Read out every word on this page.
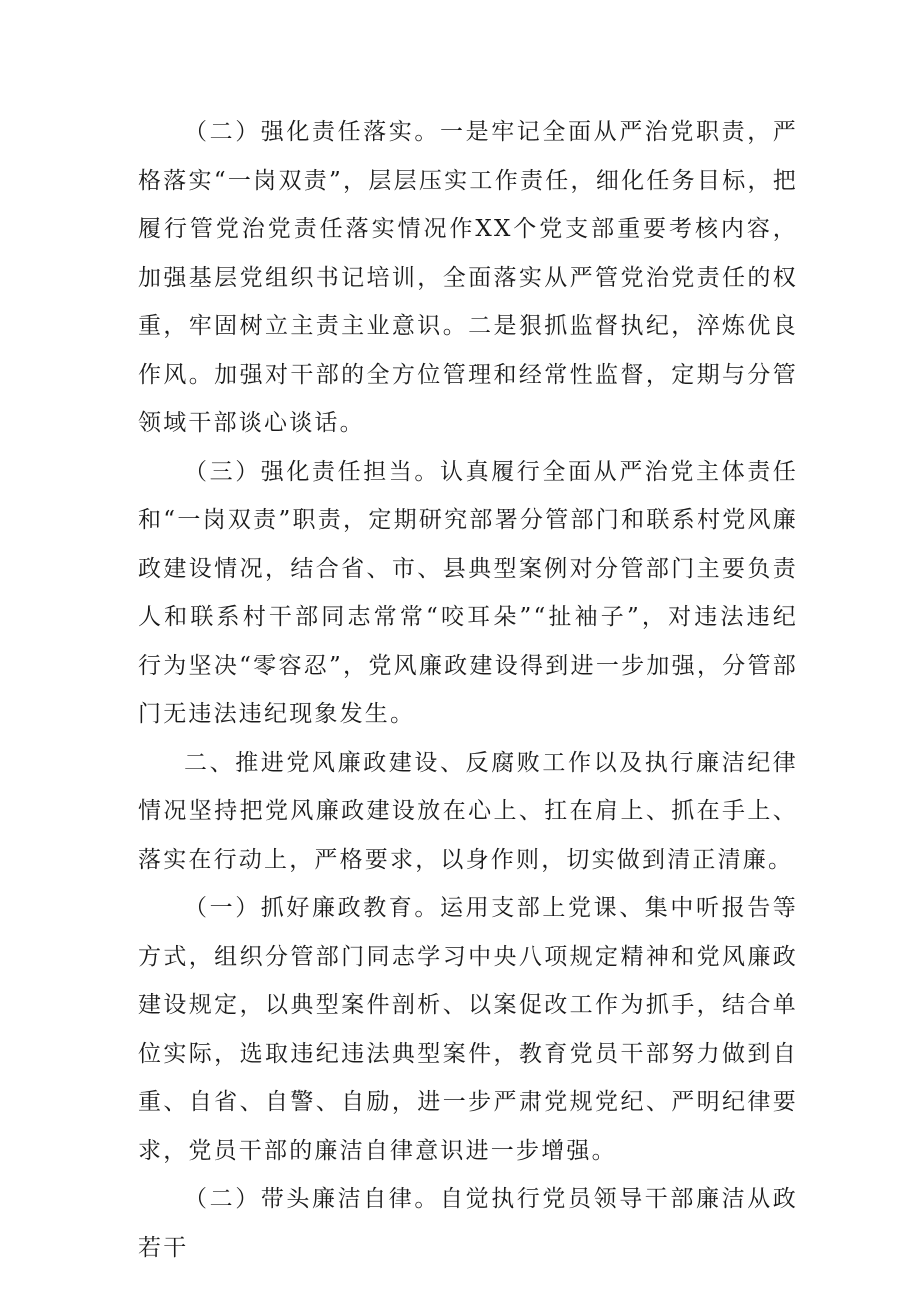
（二）强化责任落实。一是牢记全面从严治党职责，严格落实“一岗双责”，层层压实工作责任，细化任务目标，把履行管党治党责任落实情况作XX个党支部重要考核内容，加强基层党组织书记培训，全面落实从严管党治党责任的权重，牢固树立主责主业意识。二是狠抓监督执纪，淬炼优良作风。加强对干部的全方位管理和经常性监督，定期与分管领域干部谈心谈话。

（三）强化责任担当。认真履行全面从严治党主体责任和“一岗双责”职责，定期研究部署分管部门和联系村党风廉政建设情况，结合省、市、县典型案例对分管部门主要负责人和联系村干部同志常常“咬耳朵”“扯袖子”，对违法违纪行为坚决“零容忍”，党风廉政建设得到进一步加强，分管部门无违法违纪现象发生。

二、推进党风廉政建设、反腐败工作以及执行廉洁纪律情况坚持把党风廉政建设放在心上、扛在肩上、抓在手上、落实在行动上，严格要求，以身作则，切实做到清正清廉。

（一）抓好廉政教育。运用支部上党课、集中听报告等方式，组织分管部门同志学习中央八项规定精神和党风廉政建设规定，以典型案件剖析、以案促改工作为抓手，结合单位实际，选取违纪违法典型案件，教育党员干部努力做到自重、自省、自警、自励，进一步严肃党规党纪、严明纪律要求，党员干部的廉洁自律意识进一步增强。

（二）带头廉洁自律。自觉执行党员领导干部廉洁从政若干
